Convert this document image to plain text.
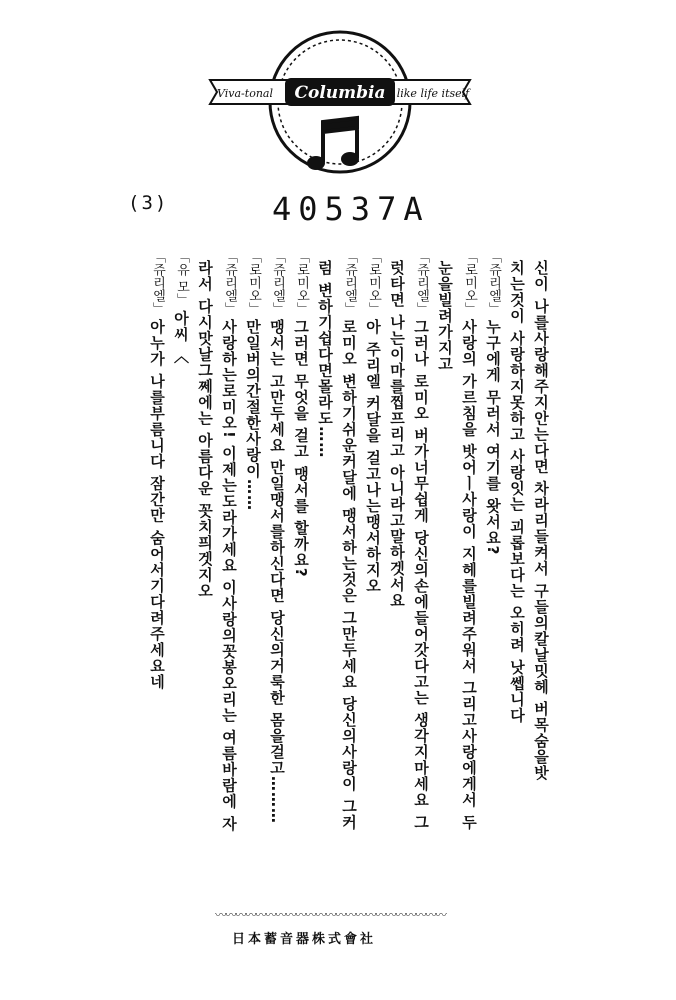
Columbia
Viva-tonal	like life itself
(3)	40537A
신이 나를사랑해주지안는다면 차라리들켜서 구들의칼날밋헤 버목숨을밧
치는것이 사랑하지못하고 사랑잇는 괴롭보다는 오히려 낫쎕니다
「쥬리엘」누구에게 무러서 여기를 왓서요?
「로미오」사랑의 가르침을 밧어ㅣ사랑이 지헤를빌려주워서 그리고사랑에게서 두
눈을빌려가지고
「쥬리엘」그러나 로미오 버가너무쉽게 당신의손에들어갓다고는 생각지마세요 그
럿타면 나는이마를찝프리고 아니라고말하겟서요
「로미오」아 주리엘 커달을 걸고나는맹서하지오
「쥬리엘」로미오 변하기쉬운커달에 맹서하는것은 그만두세요 당신의사랑이 그커
럼 변하기쉽다면몰라도……
「로미오」그러면 무엇을 걸고 맹서를 할까요?
「쥬리엘」맹서는 고만두세요 만일맹서를하신다면 당신의거룩한 몸을걸고………
「로미오」만일버의간절한사랑이……
「쥬리엘」사랑하는로미오! 이제는도라가세요 이사랑의꼿봉오리는 여름바람에 자
라서 다시맛날그쩨에는 아름다운 꼿치픠겟지오
「유 모」아씨 〈
「쥬리엘」아누가 나를부름니다 잠간만 숨어서기다려주세요네
〰〰〰〰〰〰〰〰〰〰〰〰〰〰〰〰〰〰〰〰〰〰〰
日本蓄音器株式會社
